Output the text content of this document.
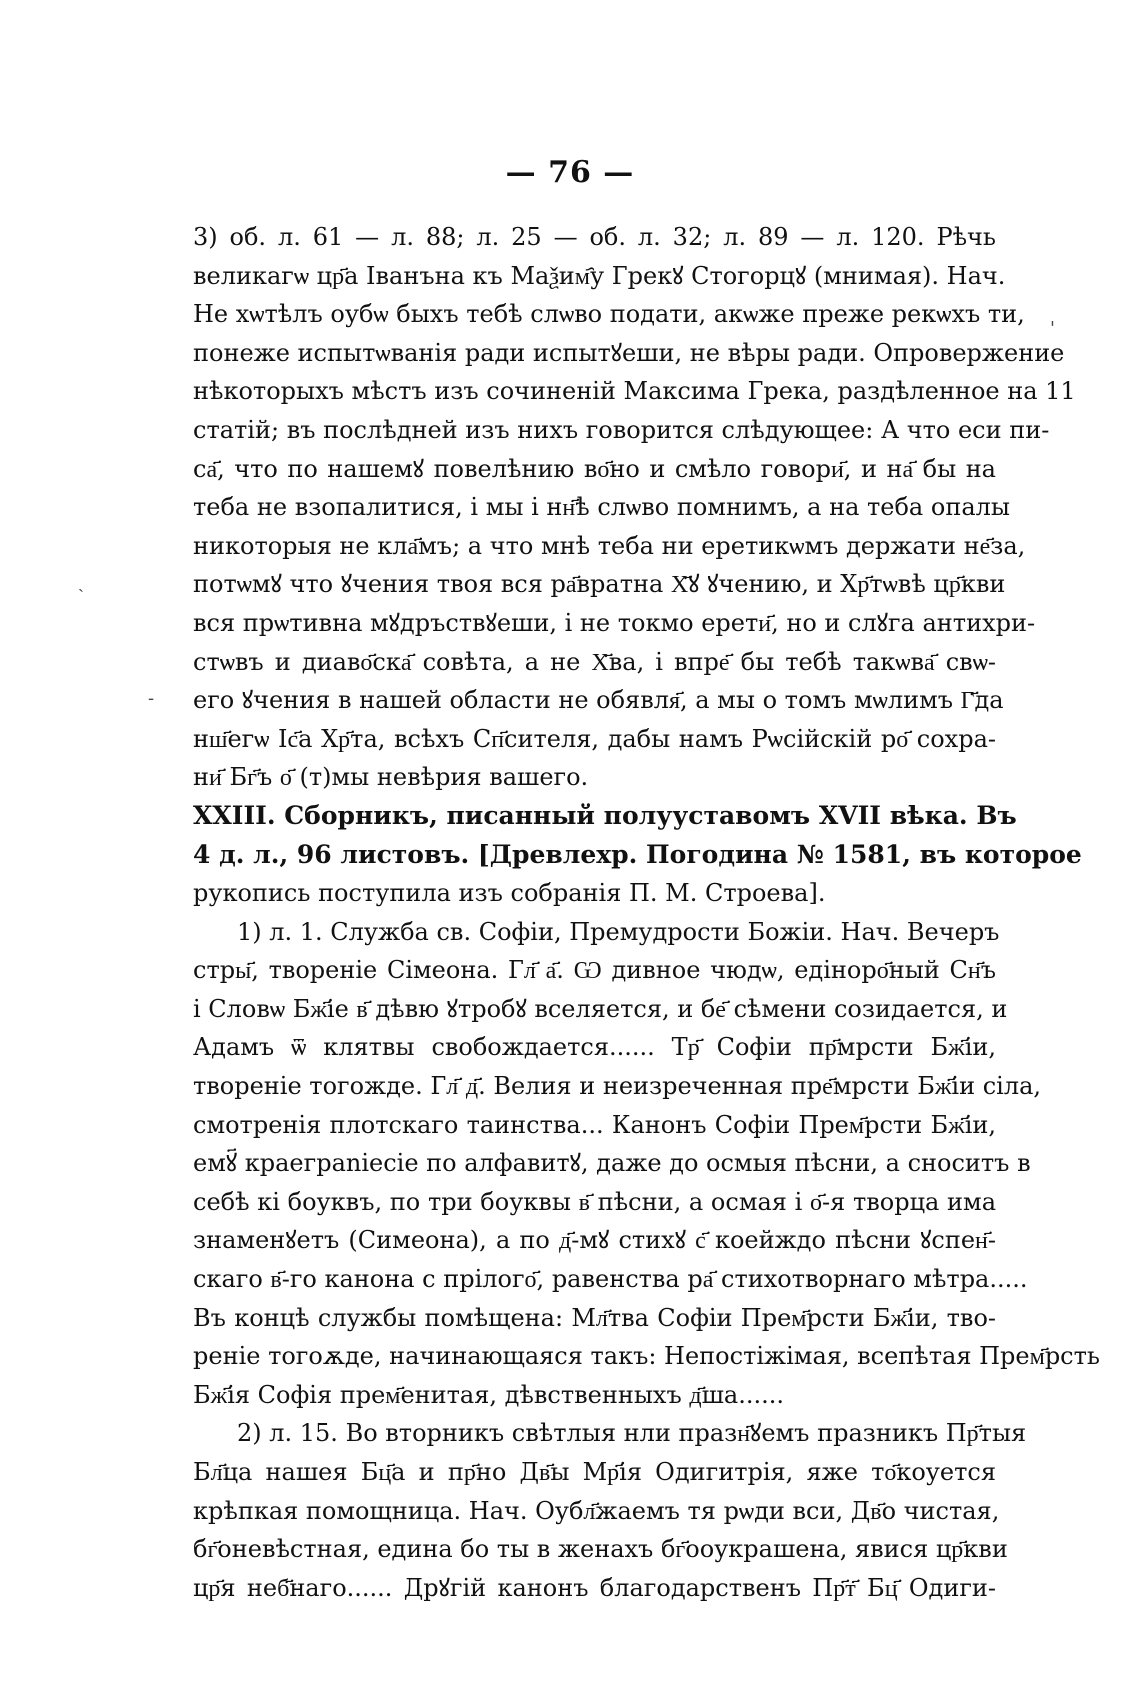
— 76 —
'
ˎ
-
3) об. л. 61 — л. 88; л. 25 — об. л. 32; л. 89 — л. 120. Рѣчь
великагѡ цр҃а Іванъна къ Маѯим҄у Грекꙋ Стогорцꙋ (мнимая). Нач.
Не хѡтѣлъ оубѡ быхъ тебѣ слѡво подати, акѡже преже рекѡхъ ти,
понеже испытѡванiя ради испытꙋеши, не вѣры ради. Опровержение
нѣкоторыхъ мѣстъ изъ сочиненій Максима Грека, раздѣленное на 11
статій; въ послѣдней изъ нихъ говорится слѣдующее: А что еси пи-
са҃, что по нашемꙋ повелѣнию во҃но и смѣло говори҃, и на҃ бы на
теба не взопалитися, і мы і нн҃ѣ слѡво помнимъ, а на теба опалы
никоторыя не кла҃мъ; а что мнѣ теба ни еретикѡмъ держати не҃за,
потѡмꙋ что ꙋчения твоя вся ра҃вратна Х҃ꙋ ꙋчению, и Хр҃тѡвѣ цр҃кви
вся прѡтивна мꙋдръствꙋеши, і не токмо ерети҃, но и слꙋга антихри-
стѡвъ и диаво҃ска҃ совѣта, а не Х҃ва, і впре҃ бы тебѣ такѡва҃ свѡ-
его ꙋчения в нашей области не обявля҃, а мы о томъ мѡлимъ Г҃да
нш҃егѡ Іс҃а Хр҃та, всѣхъ Сп҃сителя, дабы намъ Рѡсiйскiй ро҃ сохра-
ни҃ Бг҃ъ о҃ (т)мы невѣрия вашего.
XXIII. Сборникъ, писанный полууставомъ XVII вѣка. Въ
4 д. л., 96 листовъ. [Древлехр. Погодина № 1581, въ которое
рукопись поступила изъ собранія П. М. Строева].
1) л. 1. Служба св. Софіи, Премудрости Божіи. Нач. Вечеръ
стры҃, творенiе Сiмеона. Гл҃ а҃. Ѡ дивное чюдѡ, едiноро҃ный Сн҃ъ
і Словѡ Бж҃iе в҃ дѣвю ꙋтробꙋ вселяется, и бе҃ сѣмени созидается, и
Адамъ ѿ клятвы свобождается...... Тр҃ Софiи пр҃мрсти Бж҃iи,
творенiе тогожде. Гл҃ д҃. Велия и неизреченная пре҃мрсти Бж҃iи сiла,
смотренiя плотскаго таинства... Канонъ Софiи Прем҃рсти Бж҃iи,
емꙋ҃ краеграniесiе по алфавитꙋ, даже до осмыя пѣсни, а сноситъ в
себѣ кі боуквъ, по три боуквы в҃ пѣсни, а осмая і о҃-я творца има
знаменꙋетъ (Симеона), а по д҃-мꙋ стихꙋ с҃ коейждо пѣсни ꙋспен҃-
скаго в҃-го канона с прiлого҃, равенства ра҃ стихотворнаго мѣтра.....
Въ концѣ службы помѣщена: Мл҃тва Софiи Прем҃рсти Бж҃iи, тво-
ренiе тогоѫде, начинающаяся такъ: Непостiжiмая, всепѣтая Прем҃рсть
Бж҃iя Софiя прем҃енитая, дѣвственныхъ д҃ша......
2) л. 15. Во вторникъ свѣтлыя нли празн҃ꙋемъ празникъ Пр҃тыя
Бл҃ца нашея Бц҃а и пр҃но Дв҃ы Мр҃iя Одигитрiя, яже то҃коуется
крѣпкая помощница. Нач. Оубл҃жаемъ тя рѡди вси, Дв҃о чистая,
бг҃оневѣстная, едина бо ты в женахъ бг҃оoукрашена, явися цр҃кви
цр҃я неб҃наго...... Дрꙋгiй канонъ благодарственъ Пр҃т҃ Бц҃ Одиги-
